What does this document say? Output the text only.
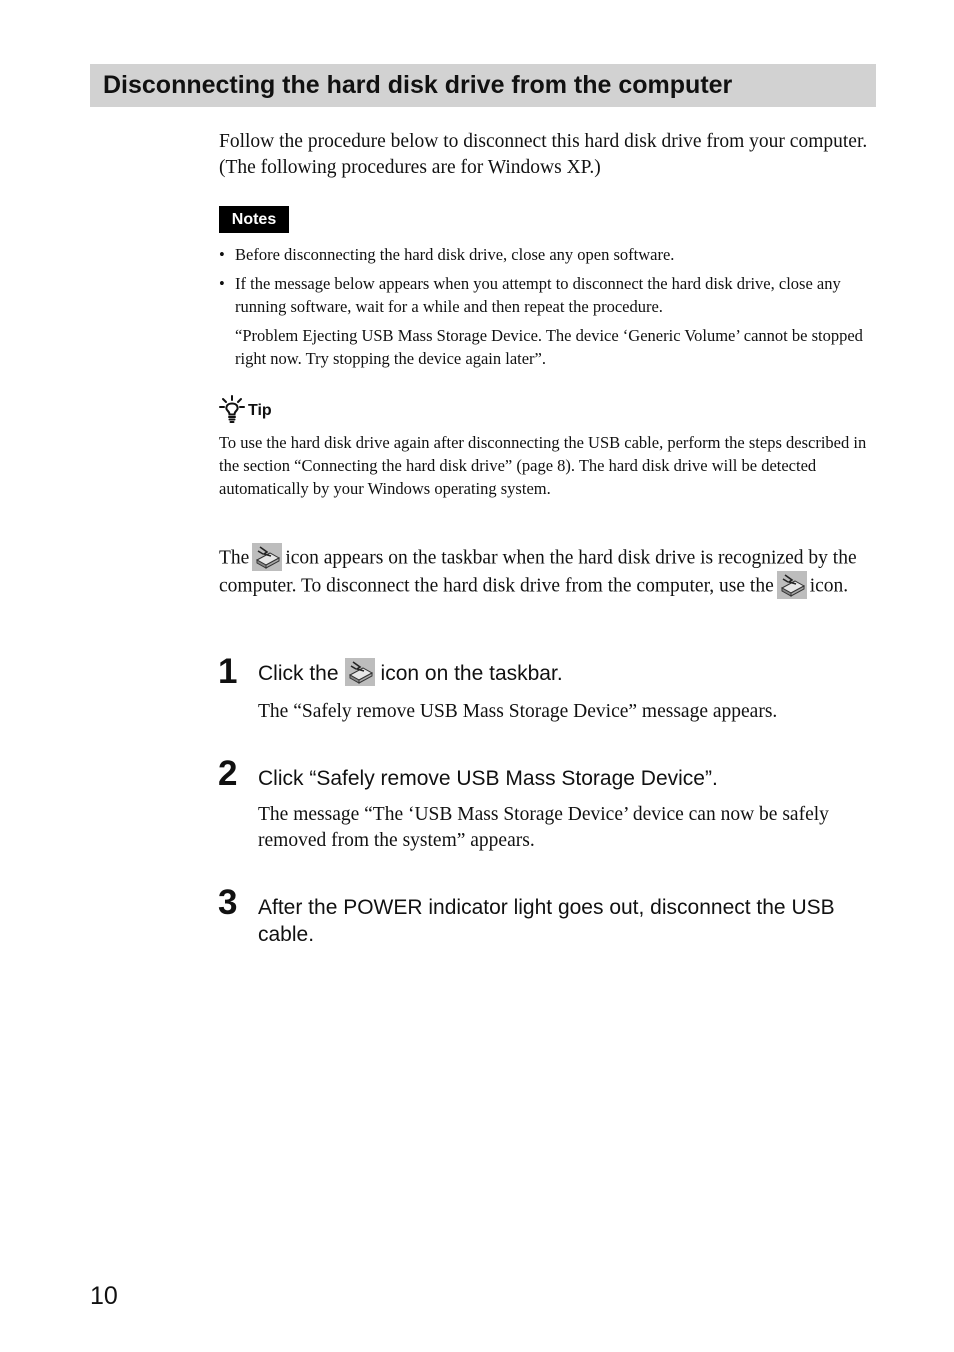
Disconnecting the hard disk drive from the computer

Follow the procedure below to disconnect this hard disk drive from your computer. (The following procedures are for Windows XP.)

Notes
• Before disconnecting the hard disk drive, close any open software.
• If the message below appears when you attempt to disconnect the hard disk drive, close any running software, wait for a while and then repeat the procedure.
“Problem Ejecting USB Mass Storage Device. The device ‘Generic Volume’ cannot be stopped right now. Try stopping the device again later”.
Tip

To use the hard disk drive again after disconnecting the USB cable, perform the steps described in the section “Connecting the hard disk drive” (page 8). The hard disk drive will be detected automatically by your Windows operating system.

The icon appears on the taskbar when the hard disk drive is recognized by the computer. To disconnect the hard disk drive from the computer, use the icon.

1 Click the icon on the taskbar.

The “Safely remove USB Mass Storage Device” message appears.

2 Click “Safely remove USB Mass Storage Device”.

The message “The ‘USB Mass Storage Device’ device can now be safely removed from the system” appears.

3 After the POWER indicator light goes out, disconnect the USB cable.

10
